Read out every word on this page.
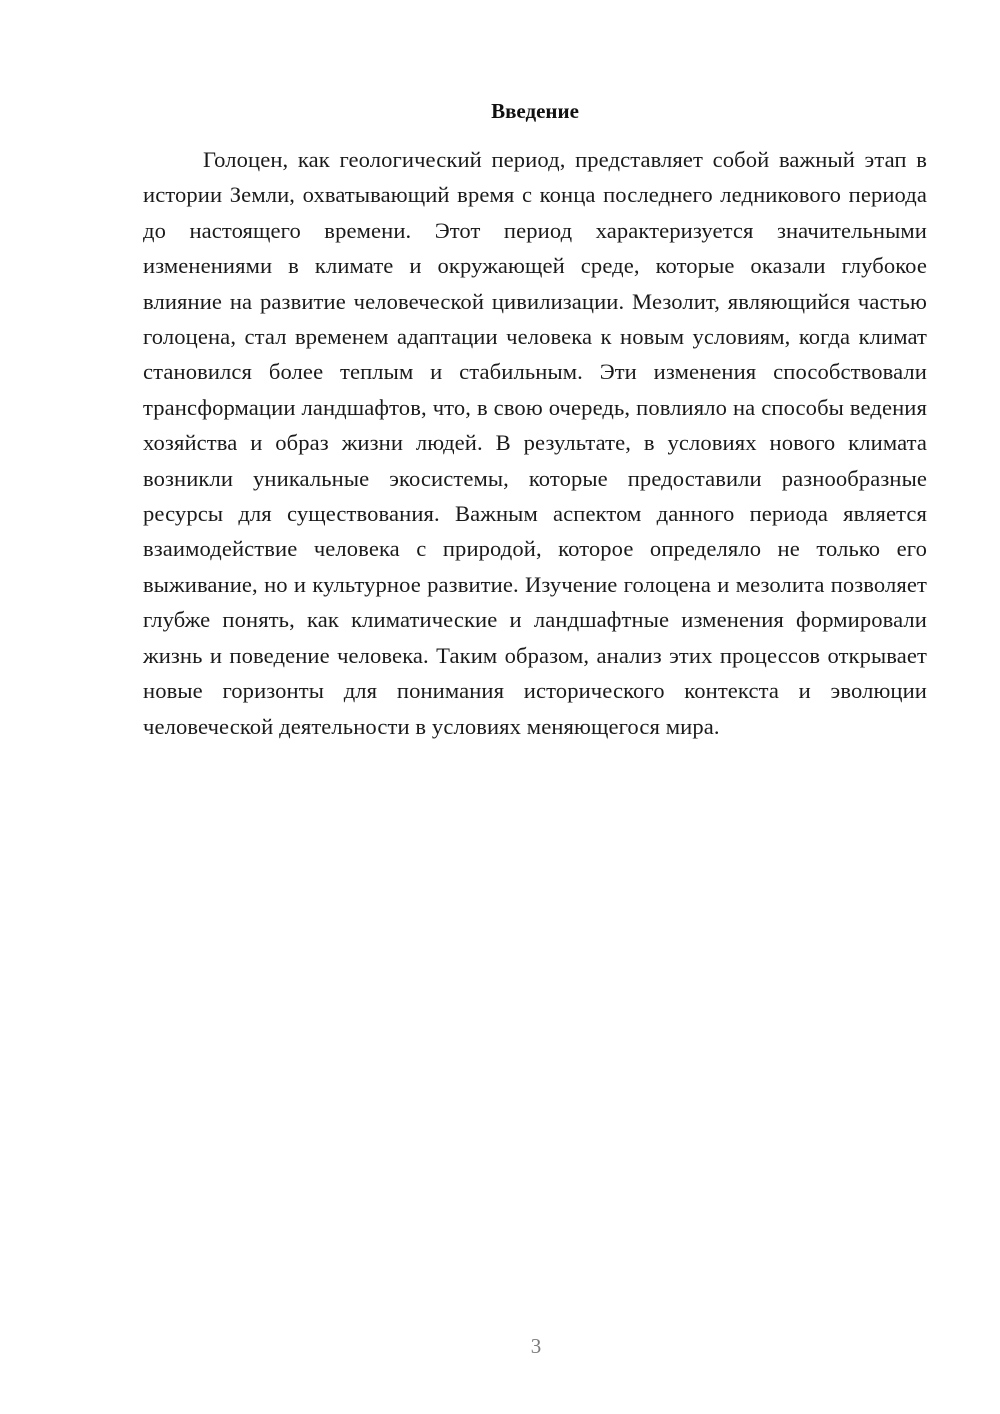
Введение

Голоцен, как геологический период, представляет собой важный этап в истории Земли, охватывающий время с конца последнего ледникового периода до настоящего времени. Этот период характеризуется значительными изменениями в климате и окружающей среде, которые оказали глубокое влияние на развитие человеческой цивилизации. Мезолит, являющийся частью голоцена, стал временем адаптации человека к новым условиям, когда климат становился более теплым и стабильным. Эти изменения способствовали трансформации ландшафтов, что, в свою очередь, повлияло на способы ведения хозяйства и образ жизни людей. В результате, в условиях нового климата возникли уникальные экосистемы, которые предоставили разнообразные ресурсы для существования. Важным аспектом данного периода является взаимодействие человека с природой, которое определяло не только его выживание, но и культурное развитие. Изучение голоцена и мезолита позволяет глубже понять, как климатические и ландшафтные изменения формировали жизнь и поведение человека. Таким образом, анализ этих процессов открывает новые горизонты для понимания исторического контекста и эволюции человеческой деятельности в условиях меняющегося мира.

3
